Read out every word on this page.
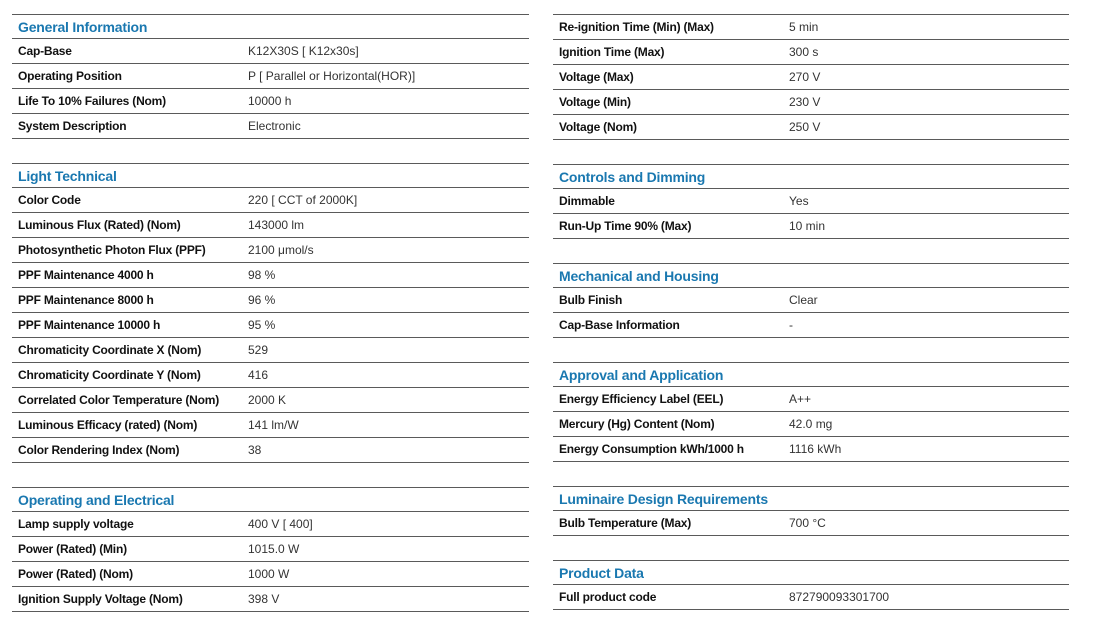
General Information
Cap-Base	K12X30S [ K12x30s]
Operating Position	P [ Parallel or Horizontal(HOR)]
Life To 10% Failures (Nom)	10000 h
System Description	Electronic
Light Technical
Color Code	220 [ CCT of 2000K]
Luminous Flux (Rated) (Nom)	143000 lm
Photosynthetic Photon Flux (PPF)	2100 μmol/s
PPF Maintenance 4000 h	98 %
PPF Maintenance 8000 h	96 %
PPF Maintenance 10000 h	95 %
Chromaticity Coordinate X (Nom)	529
Chromaticity Coordinate Y (Nom)	416
Correlated Color Temperature (Nom)	2000 K
Luminous Efficacy (rated) (Nom)	141 lm/W
Color Rendering Index (Nom)	38
Operating and Electrical
Lamp supply voltage	400 V [ 400]
Power (Rated) (Min)	1015.0 W
Power (Rated) (Nom)	1000 W
Ignition Supply Voltage (Nom)	398 V
Re-ignition Time (Min) (Max)	5 min
Ignition Time (Max)	300 s
Voltage (Max)	270 V
Voltage (Min)	230 V
Voltage (Nom)	250 V
Controls and Dimming
Dimmable	Yes
Run-Up Time 90% (Max)	10 min
Mechanical and Housing
Bulb Finish	Clear
Cap-Base Information	-
Approval and Application
Energy Efficiency Label (EEL)	A++
Mercury (Hg) Content (Nom)	42.0 mg
Energy Consumption kWh/1000 h	1116 kWh
Luminaire Design Requirements
Bulb Temperature (Max)	700 °C
Product Data
Full product code	872790093301700
